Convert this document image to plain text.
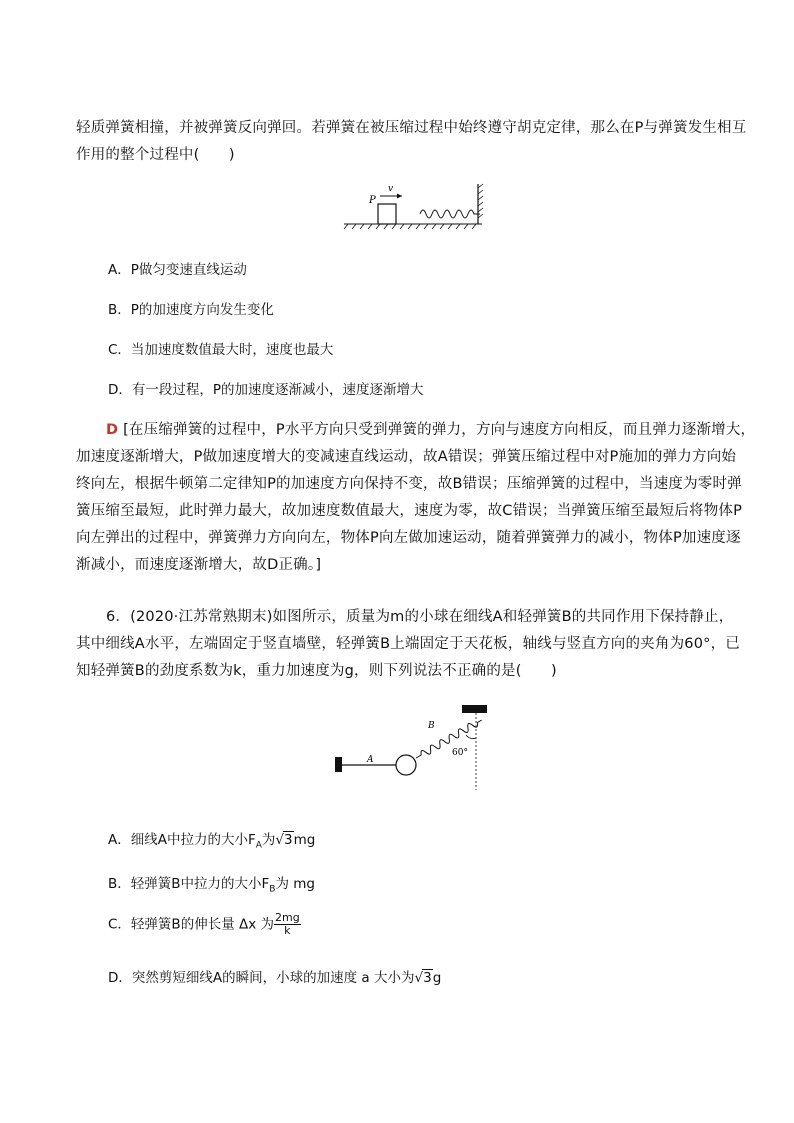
轻质弹簧相撞，并被弹簧反向弹回。若弹簧在被压缩过程中始终遵守胡克定律，那么在P与弹簧发生相互
作用的整个过程中(　　)
P
v
A．P做匀变速直线运动
B．P的加速度方向发生变化
C．当加速度数值最大时，速度也最大
D．有一段过程，P的加速度逐渐减小，速度逐渐增大
D [在压缩弹簧的过程中，P水平方向只受到弹簧的弹力，方向与速度方向相反，而且弹力逐渐增大，
加速度逐渐增大，P做加速度增大的变减速直线运动，故A错误；弹簧压缩过程中对P施加的弹力方向始
终向左，根据牛顿第二定律知P的加速度方向保持不变，故B错误；压缩弹簧的过程中，当速度为零时弹
簧压缩至最短，此时弹力最大，故加速度数值最大，速度为零，故C错误；当弹簧压缩至最短后将物体P
向左弹出的过程中，弹簧弹力方向向左，物体P向左做加速运动，随着弹簧弹力的减小，物体P加速度逐
渐减小，而速度逐渐增大，故D正确。]
6．(2020·江苏常熟期末)如图所示，质量为m的小球在细线A和轻弹簧B的共同作用下保持静止，
其中细线A水平，左端固定于竖直墙壁，轻弹簧B上端固定于天花板，轴线与竖直方向的夹角为60°，已
知轻弹簧B的劲度系数为k，重力加速度为g，则下列说法不正确的是(　　)
A
B
60°
A．细线A中拉力的大小$F_A$为√3mg
B．轻弹簧B中拉力的大小$F_B$为 mg
C．轻弹簧B的伸长量 Δx 为 $\frac{2mg}{k}$
D．突然剪短细线A的瞬间，小球的加速度 a 大小为√3g
